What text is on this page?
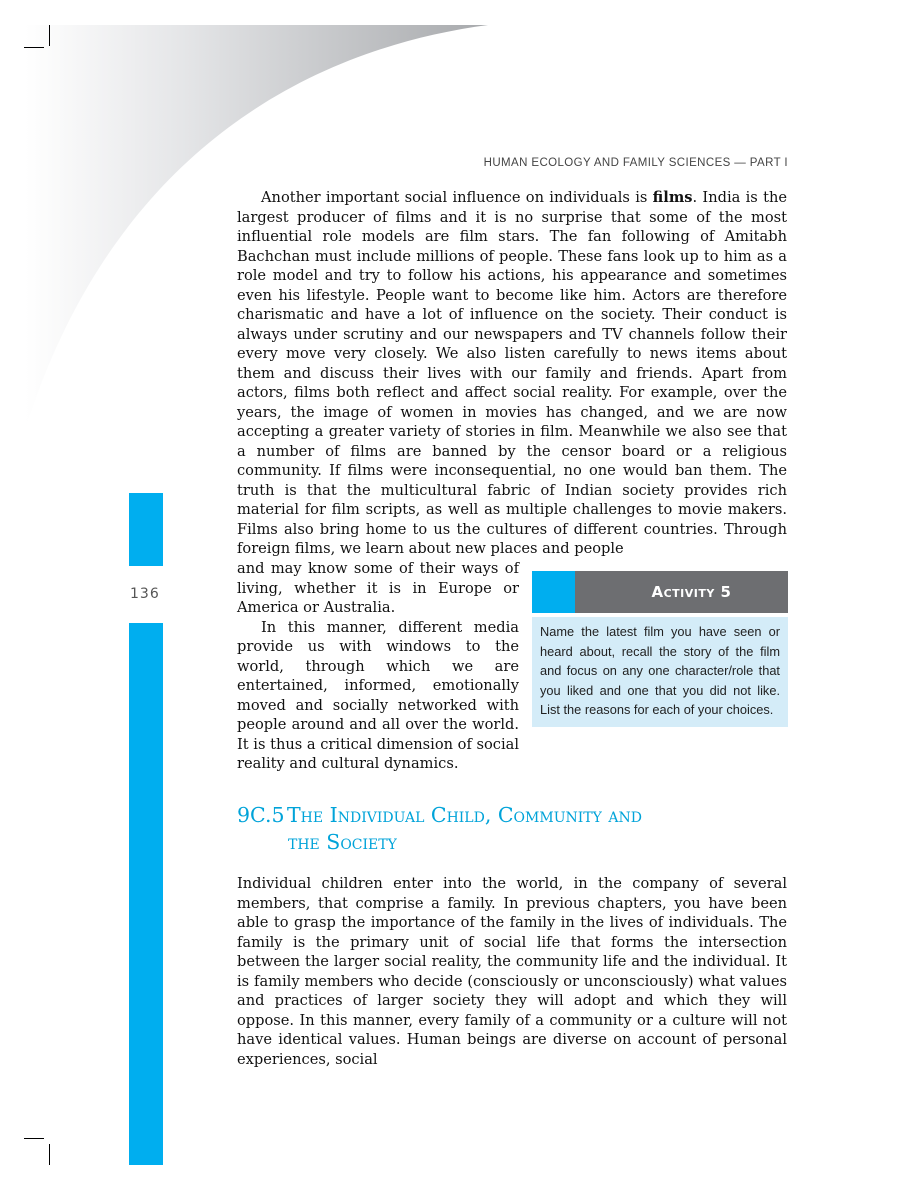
136
HUMAN ECOLOGY AND FAMILY SCIENCES — PART I

Another important social influence on individuals is films. India is the largest producer of films and it is no surprise that some of the most influential role models are film stars. The fan following of Amitabh Bachchan must include millions of people. These fans look up to him as a role model and try to follow his actions, his appearance and sometimes even his lifestyle. People want to become like him. Actors are therefore charismatic and have a lot of influence on the society. Their conduct is always under scrutiny and our newspapers and TV channels follow their every move very closely. We also listen carefully to news items about them and discuss their lives with our family and friends. Apart from actors, films both reflect and affect social reality. For example, over the years, the image of women in movies has changed, and we are now accepting a greater variety of stories in film. Meanwhile we also see that a number of films are banned by the censor board or a religious community. If films were inconsequential, no one would ban them. The truth is that the multicultural fabric of Indian society provides rich material for film scripts, as well as multiple challenges to movie makers. Films also bring home to us the cultures of different countries. Through foreign films, we learn about new places and people

and may know some of their ways of living, whether it is in Europe or America or Australia.

In this manner, different media provide us with windows to the world, through which we are entertained, informed, emotionally moved and socially networked with people around and all over the world. It is thus a critical dimension of social reality and cultural dynamics.

Activity 5
Name the latest film you have seen or heard about, recall the story of the film and focus on any one character/role that you liked and one that you did not like. List the reasons for each of your choices.
9C.5 The Individual Child, Community and
the Society

Individual children enter into the world, in the company of several members, that comprise a family. In previous chapters, you have been able to grasp the importance of the family in the lives of individuals. The family is the primary unit of social life that forms the intersection between the larger social reality, the community life and the individual. It is family members who decide (consciously or unconsciously) what values and practices of larger society they will adopt and which they will oppose. In this manner, every family of a community or a culture will not have identical values. Human beings are diverse on account of personal experiences, social
